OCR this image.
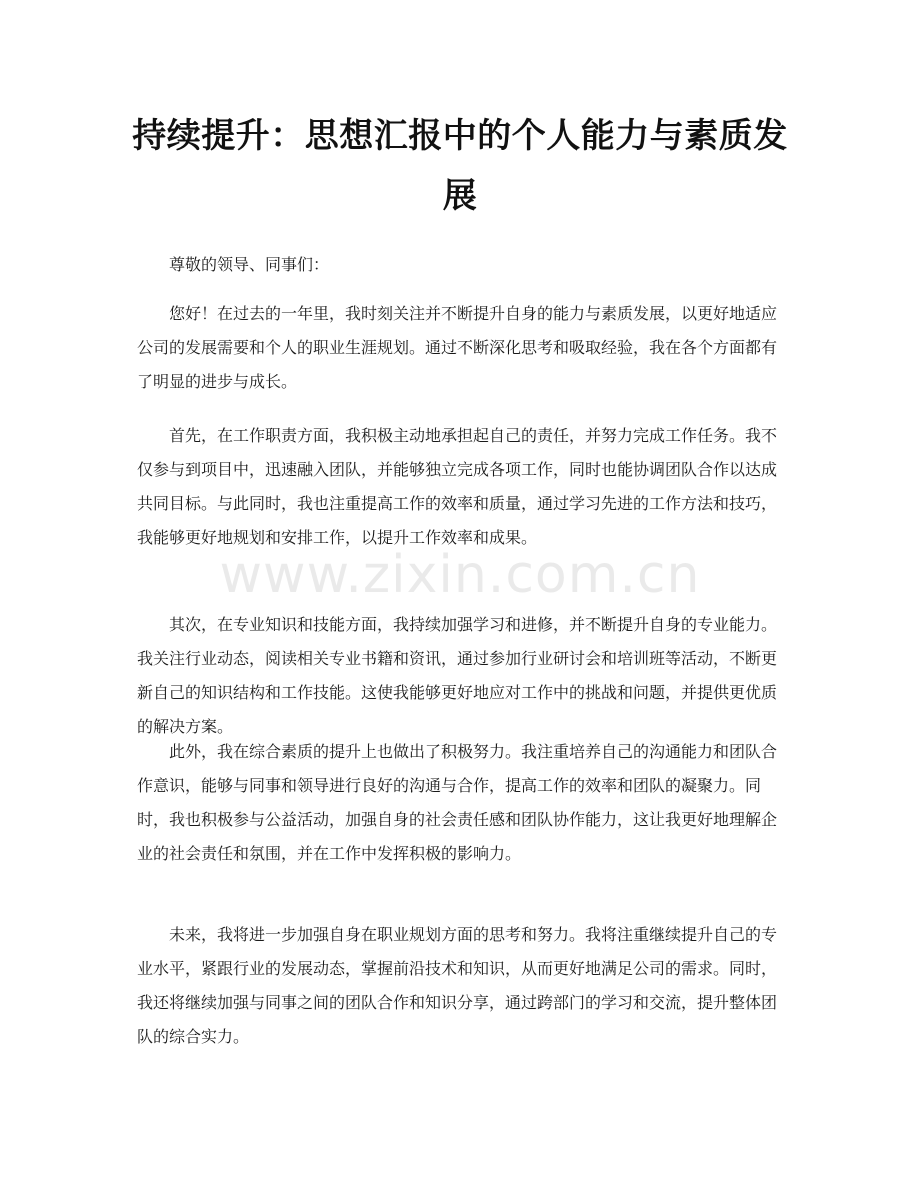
持续提升：思想汇报中的个人能力与素质发展

尊敬的领导、同事们：

您好！在过去的一年里，我时刻关注并不断提升自身的能力与素质发展，以更好地适应公司的发展需要和个人的职业生涯规划。通过不断深化思考和吸取经验，我在各个方面都有了明显的进步与成长。

首先，在工作职责方面，我积极主动地承担起自己的责任，并努力完成工作任务。我不仅参与到项目中，迅速融入团队，并能够独立完成各项工作，同时也能协调团队合作以达成共同目标。与此同时，我也注重提高工作的效率和质量，通过学习先进的工作方法和技巧，我能够更好地规划和安排工作，以提升工作效率和成果。

其次，在专业知识和技能方面，我持续加强学习和进修，并不断提升自身的专业能力。我关注行业动态，阅读相关专业书籍和资讯，通过参加行业研讨会和培训班等活动，不断更新自己的知识结构和工作技能。这使我能够更好地应对工作中的挑战和问题，并提供更优质的解决方案。

此外，我在综合素质的提升上也做出了积极努力。我注重培养自己的沟通能力和团队合作意识，能够与同事和领导进行良好的沟通与合作，提高工作的效率和团队的凝聚力。同时，我也积极参与公益活动，加强自身的社会责任感和团队协作能力，这让我更好地理解企业的社会责任和氛围，并在工作中发挥积极的影响力。

未来，我将进一步加强自身在职业规划方面的思考和努力。我将注重继续提升自己的专业水平，紧跟行业的发展动态，掌握前沿技术和知识，从而更好地满足公司的需求。同时，我还将继续加强与同事之间的团队合作和知识分享，通过跨部门的学习和交流，提升整体团队的综合实力。

www.zixin.com.cn
